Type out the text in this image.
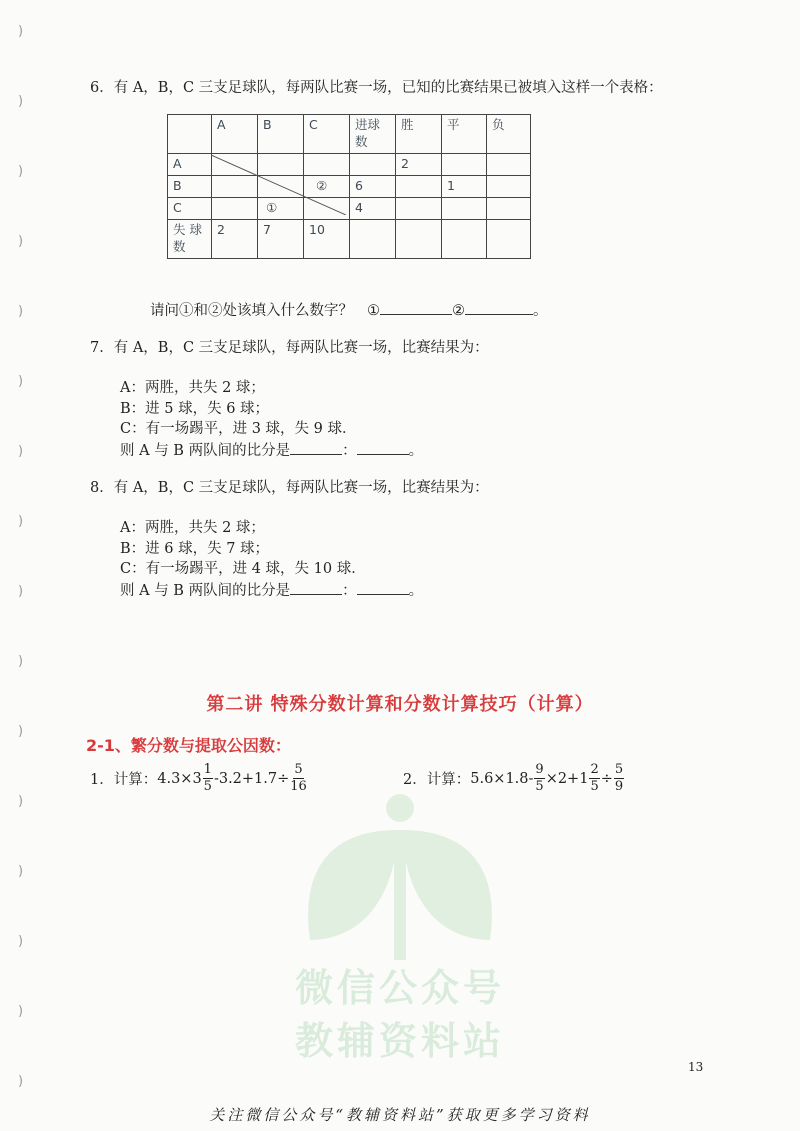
)
)
)
)
)
)
)
)
)
)
)
)
)
)
)
)
6．有 A，B，C 三支足球队，每两队比赛一场，已知的比赛结果已被填入这样一个表格：
	A	B	C	进球数	胜	平	负
A					2		
B			②	6		1	
C		①		4			
失球数	2	7	10				
请问①和②处该填入什么数字？ ①	②	。
7．有 A，B，C 三支足球队，每两队比赛一场，比赛结果为：
A：两胜，共失 2 球；
B：进 5 球，失 6 球；
C：有一场踢平，进 3 球，失 9 球．
则 A 与 B 两队间的比分是	：	。
8．有 A，B，C 三支足球队，每两队比赛一场，比赛结果为：
A：两胜，共失 2 球；
B：进 6 球，失 7 球；
C：有一场踢平，进 4 球，失 10 球．
则 A 与 B 两队间的比分是	：	。
微信公众号
教辅资料站
第二讲 特殊分数计算和分数计算技巧（计算）
2-1、繁分数与提取公因数：
1．计算： $4.3\times 3 \frac{1}{5} -3.2+1.7\div \frac{5}{16}$	2．计算： $5.6\times 1.8- \frac{9}{5} \times 2+1 \frac{2}{5} \div \frac{5}{9}$
13
关注微信公众号“教辅资料站”获取更多学习资料
